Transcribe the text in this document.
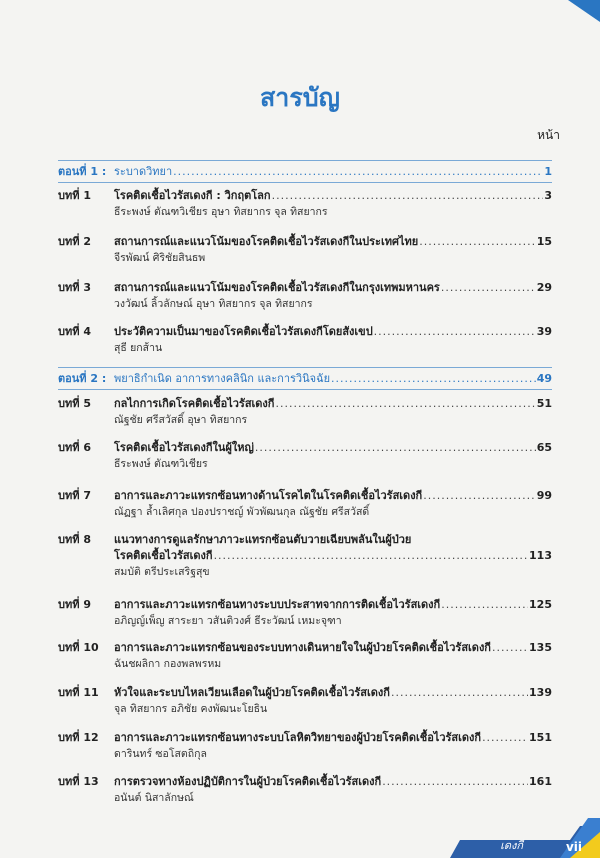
สารบัญ
หน้า
ตอนที่ 1 : ระบาดวิทยา .....	1
บทที่ 1	โรคติดเชื้อไวรัสเดงกี : วิกฤตโลก .....	3
ธีระพงษ์ ตัณฑวิเชียร อุษา ทิสยากร จุล ทิสยากร
บทที่ 2	สถานการณ์และแนวโน้มของโรคติดเชื้อไวรัสเดงกีในประเทศไทย .....	15
จีรพัฒน์ ศิริชัยสินธพ
บทที่ 3	สถานการณ์และแนวโน้มของโรคติดเชื้อไวรัสเดงกีในกรุงเทพมหานคร .....	29
วงวัฒน์ ลิ้วลักษณ์ อุษา ทิสยากร จุล ทิสยากร
บทที่ 4	ประวัติความเป็นมาของโรคติดเชื้อไวรัสเดงกีโดยสังเขป .....	39
สุธี ยกส้าน
ตอนที่ 2 : พยาธิกำเนิด อาการทางคลินิก และการวินิจฉัย .....	49
บทที่ 5	กลไกการเกิดโรคติดเชื้อไวรัสเดงกี .....	51
ณัฐชัย ศรีสวัสดิ์ อุษา ทิสยากร
บทที่ 6	โรคติดเชื้อไวรัสเดงกีในผู้ใหญ่ .....	65
ธีระพงษ์ ตัณฑวิเชียร
บทที่ 7	อาการและภาวะแทรกซ้อนทางด้านโรคไตในโรคติดเชื้อไวรัสเดงกี .....	99
ณัฏฐา ล้ำเลิศกุล ปองปราชญ์ พัวพัฒนกุล ณัฐชัย ศรีสวัสดิ์
บทที่ 8	แนวทางการดูแลรักษาภาวะแทรกซ้อนตับวายเฉียบพลันในผู้ป่วย
โรคติดเชื้อไวรัสเดงกี .....	113
สมบัติ ตรีประเสริฐสุข
บทที่ 9	อาการและภาวะแทรกซ้อนทางระบบประสาทจากการติดเชื้อไวรัสเดงกี .....	125
อภิญญ์เพ็ญ สาระยา วสันติวงศ์ ธีระวัฒน์ เหมะจุฑา
บทที่ 10	อาการและภาวะแทรกซ้อนของระบบทางเดินหายใจในผู้ป่วยโรคติดเชื้อไวรัสเดงกี .....	135
ฉันชผลิกา กองพลพรหม
บทที่ 11	หัวใจและระบบไหลเวียนเลือดในผู้ป่วยโรคติดเชื้อไวรัสเดงกี .....	139
จุล ทิสยากร อภิชัย คงพัฒนะโยธิน
บทที่ 12	อาการและภาวะแทรกซ้อนทางระบบโลหิตวิทยาของผู้ป่วยโรคติดเชื้อไวรัสเดงกี .....	151
ดารินทร์ ซอโสตถิกุล
บทที่ 13	การตรวจทางห้องปฏิบัติการในผู้ป่วยโรคติดเชื้อไวรัสเดงกี .....	161
อนันต์ นิสาลักษณ์
เดงกี	vii
